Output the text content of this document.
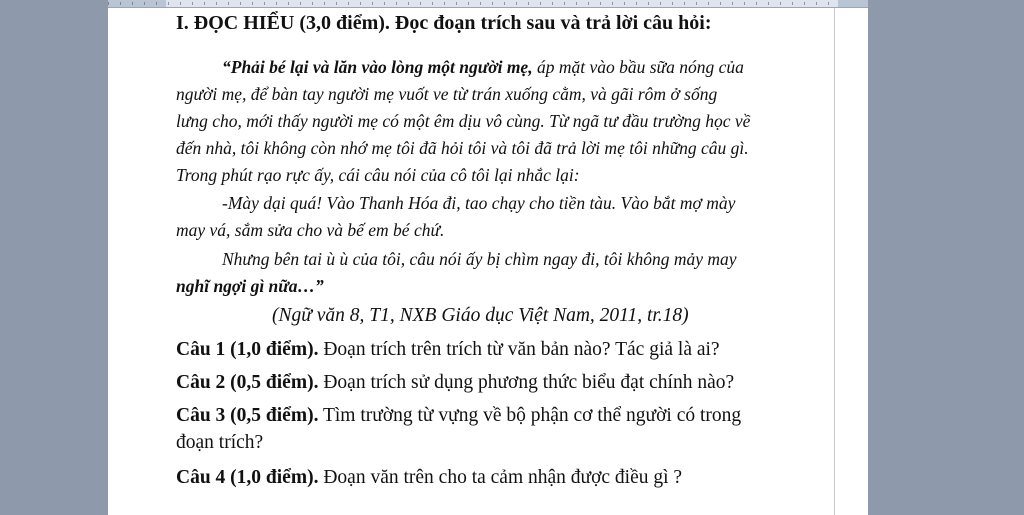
I. ĐỌC HIỂU (3,0 điểm). Đọc đoạn trích sau và trả lời câu hỏi:
“Phải bé lại và lăn vào lòng một người mẹ, áp mặt vào bầu sữa nóng của
người mẹ, để bàn tay người mẹ vuốt ve từ trán xuống cằm, và gãi rôm ở sống
lưng cho, mới thấy người mẹ có một êm dịu vô cùng. Từ ngã tư đầu trường học về
đến nhà, tôi không còn nhớ mẹ tôi đã hỏi tôi và tôi đã trả lời mẹ tôi những câu gì.
Trong phút rạo rực ấy, cái câu nói của cô tôi lại nhắc lại:
-Mày dại quá! Vào Thanh Hóa đi, tao chạy cho tiền tàu. Vào bắt mợ mày
may vá, sắm sửa cho và bế em bé chứ.
Nhưng bên tai ù ù của tôi, câu nói ấy bị chìm ngay đi, tôi không mảy may
nghĩ ngợi gì nữa…”
(Ngữ văn 8, T1, NXB Giáo dục Việt Nam, 2011, tr.18)
Câu 1 (1,0 điểm). Đoạn trích trên trích từ văn bản nào? Tác giả là ai?
Câu 2 (0,5 điểm). Đoạn trích sử dụng phương thức biểu đạt chính nào?
Câu 3 (0,5 điểm). Tìm trường từ vựng về bộ phận cơ thể người có trong
đoạn trích?
Câu 4 (1,0 điểm). Đoạn văn trên cho ta cảm nhận được điều gì ?
